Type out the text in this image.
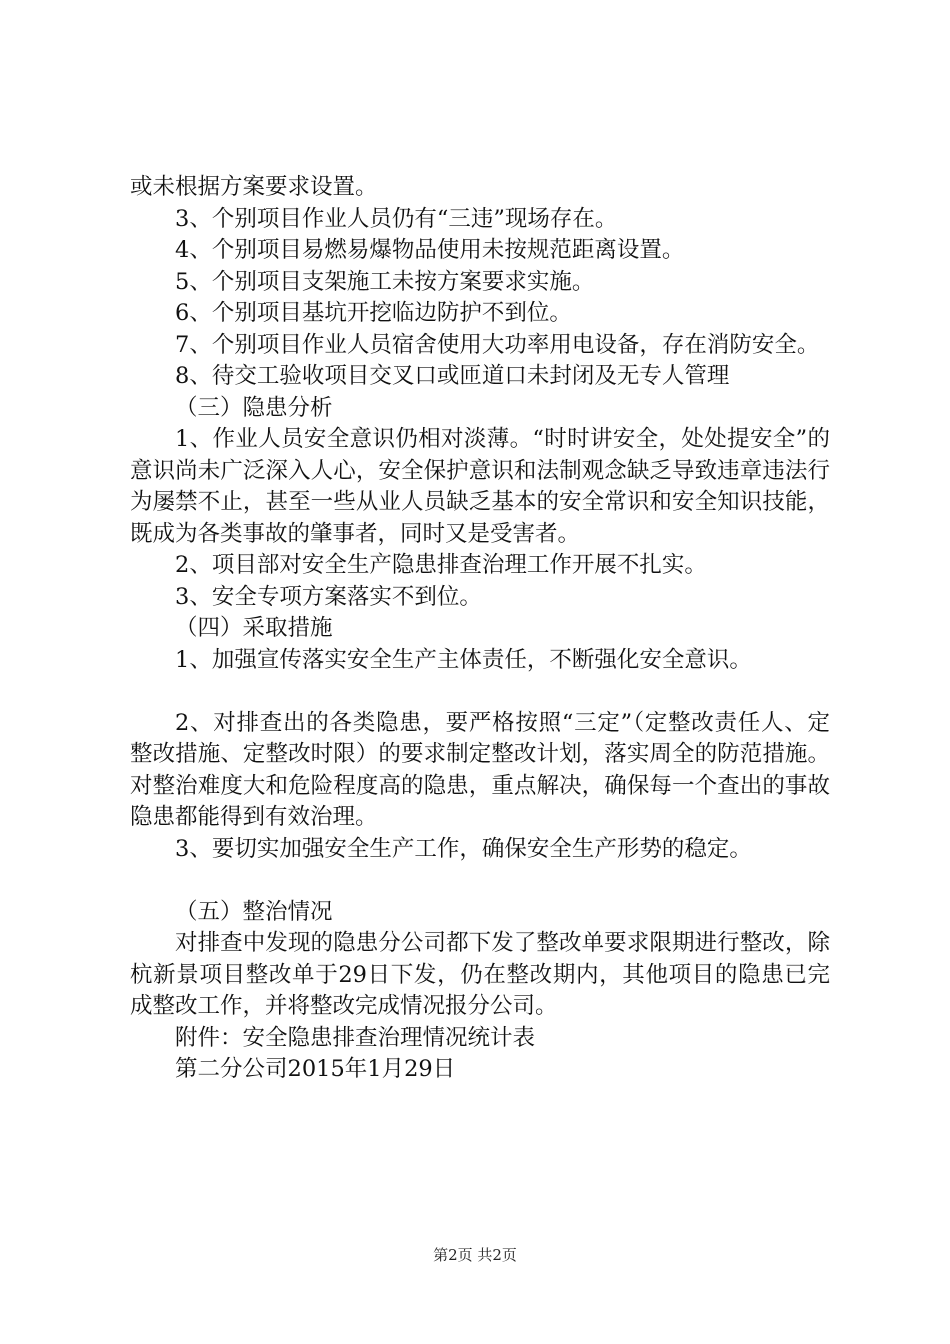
或未根据方案要求设置。

3、个别项目作业人员仍有“三违”现场存在。

4、个别项目易燃易爆物品使用未按规范距离设置。

5、个别项目支架施工未按方案要求实施。

6、个别项目基坑开挖临边防护不到位。

7、个别项目作业人员宿舍使用大功率用电设备，存在消防安全。

8、待交工验收项目交叉口或匝道口未封闭及无专人管理

（三）隐患分析

1、作业人员安全意识仍相对淡薄。“时时讲安全，处处提安全”的意识尚未广泛深入人心，安全保护意识和法制观念缺乏导致违章违法行为屡禁不止，甚至一些从业人员缺乏基本的安全常识和安全知识技能，既成为各类事故的肇事者，同时又是受害者。

2、项目部对安全生产隐患排查治理工作开展不扎实。

3、安全专项方案落实不到位。

（四）采取措施

1、加强宣传落实安全生产主体责任，不断强化安全意识。

2、对排查出的各类隐患，要严格按照“三定”（定整改责任人、定整改措施、定整改时限）的要求制定整改计划，落实周全的防范措施。对整治难度大和危险程度高的隐患，重点解决，确保每一个查出的事故隐患都能得到有效治理。

3、要切实加强安全生产工作，确保安全生产形势的稳定。

（五）整治情况

对排查中发现的隐患分公司都下发了整改单要求限期进行整改，除杭新景项目整改单于29日下发，仍在整改期内，其他项目的隐患已完成整改工作，并将整改完成情况报分公司。

附件：安全隐患排查治理情况统计表

第二分公司2015年1月29日

第2页 共2页
